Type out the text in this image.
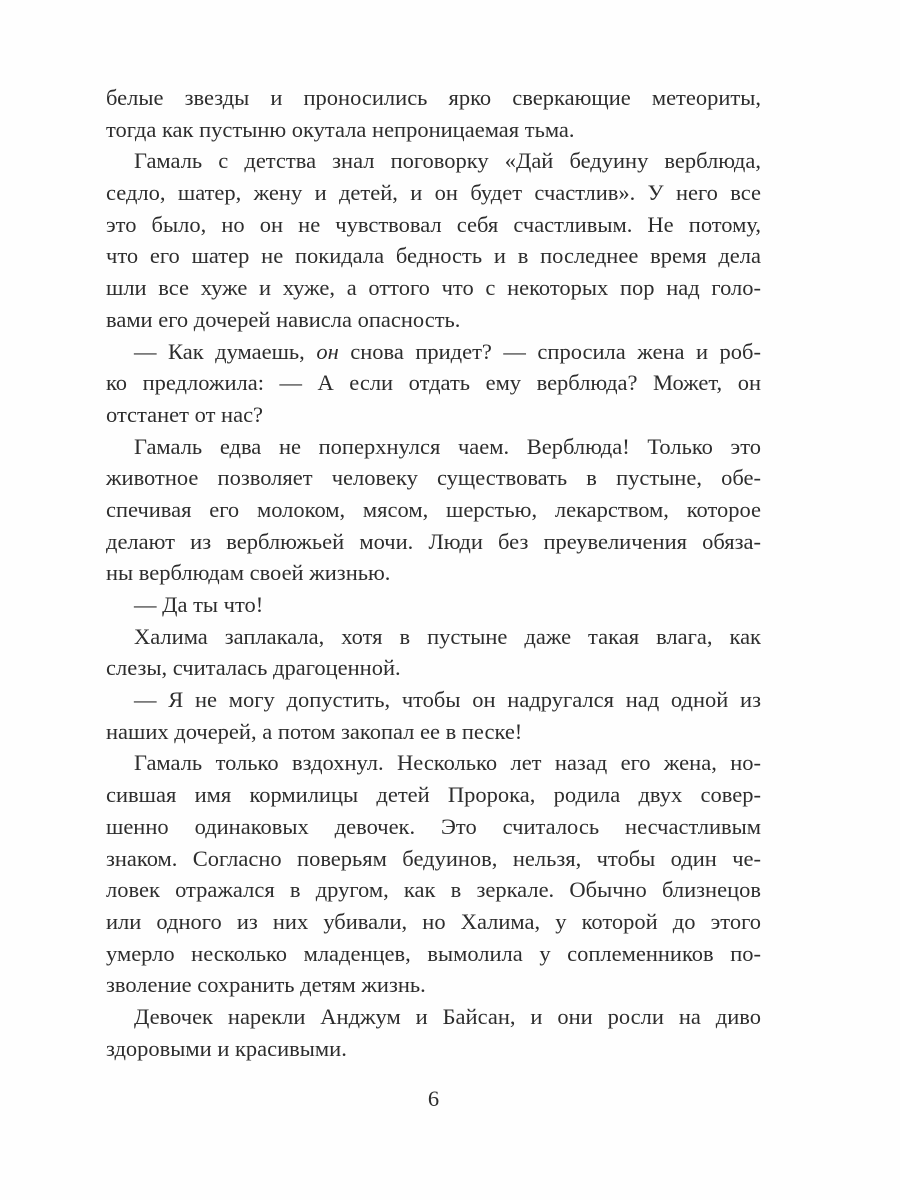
белые звезды и проносились ярко сверкающие метеориты,
тогда как пустыню окутала непроницаемая тьма.
Гамаль с детства знал поговорку «Дай бедуину верблюда,
седло, шатер, жену и детей, и он будет счастлив». У него все
это было, но он не чувствовал себя счастливым. Не потому,
что его шатер не покидала бедность и в последнее время дела
шли все хуже и хуже, а оттого что с некоторых пор над голо-
вами его дочерей нависла опасность.
— Как думаешь, он снова придет? — спросила жена и роб-
ко предложила: — А если отдать ему верблюда? Может, он
отстанет от нас?
Гамаль едва не поперхнулся чаем. Верблюда! Только это
животное позволяет человеку существовать в пустыне, обе-
спечивая его молоком, мясом, шерстью, лекарством, которое
делают из верблюжьей мочи. Люди без преувеличения обяза-
ны верблюдам своей жизнью.
— Да ты что!
Халима заплакала, хотя в пустыне даже такая влага, как
слезы, считалась драгоценной.
— Я не могу допустить, чтобы он надругался над одной из
наших дочерей, а потом закопал ее в песке!
Гамаль только вздохнул. Несколько лет назад его жена, но-
сившая имя кормилицы детей Пророка, родила двух совер-
шенно одинаковых девочек. Это считалось несчастливым
знаком. Согласно поверьям бедуинов, нельзя, чтобы один че-
ловек отражался в другом, как в зеркале. Обычно близнецов
или одного из них убивали, но Халима, у которой до этого
умерло несколько младенцев, вымолила у соплеменников по-
зволение сохранить детям жизнь.
Девочек нарекли Анджум и Байсан, и они росли на диво
здоровыми и красивыми.
6
